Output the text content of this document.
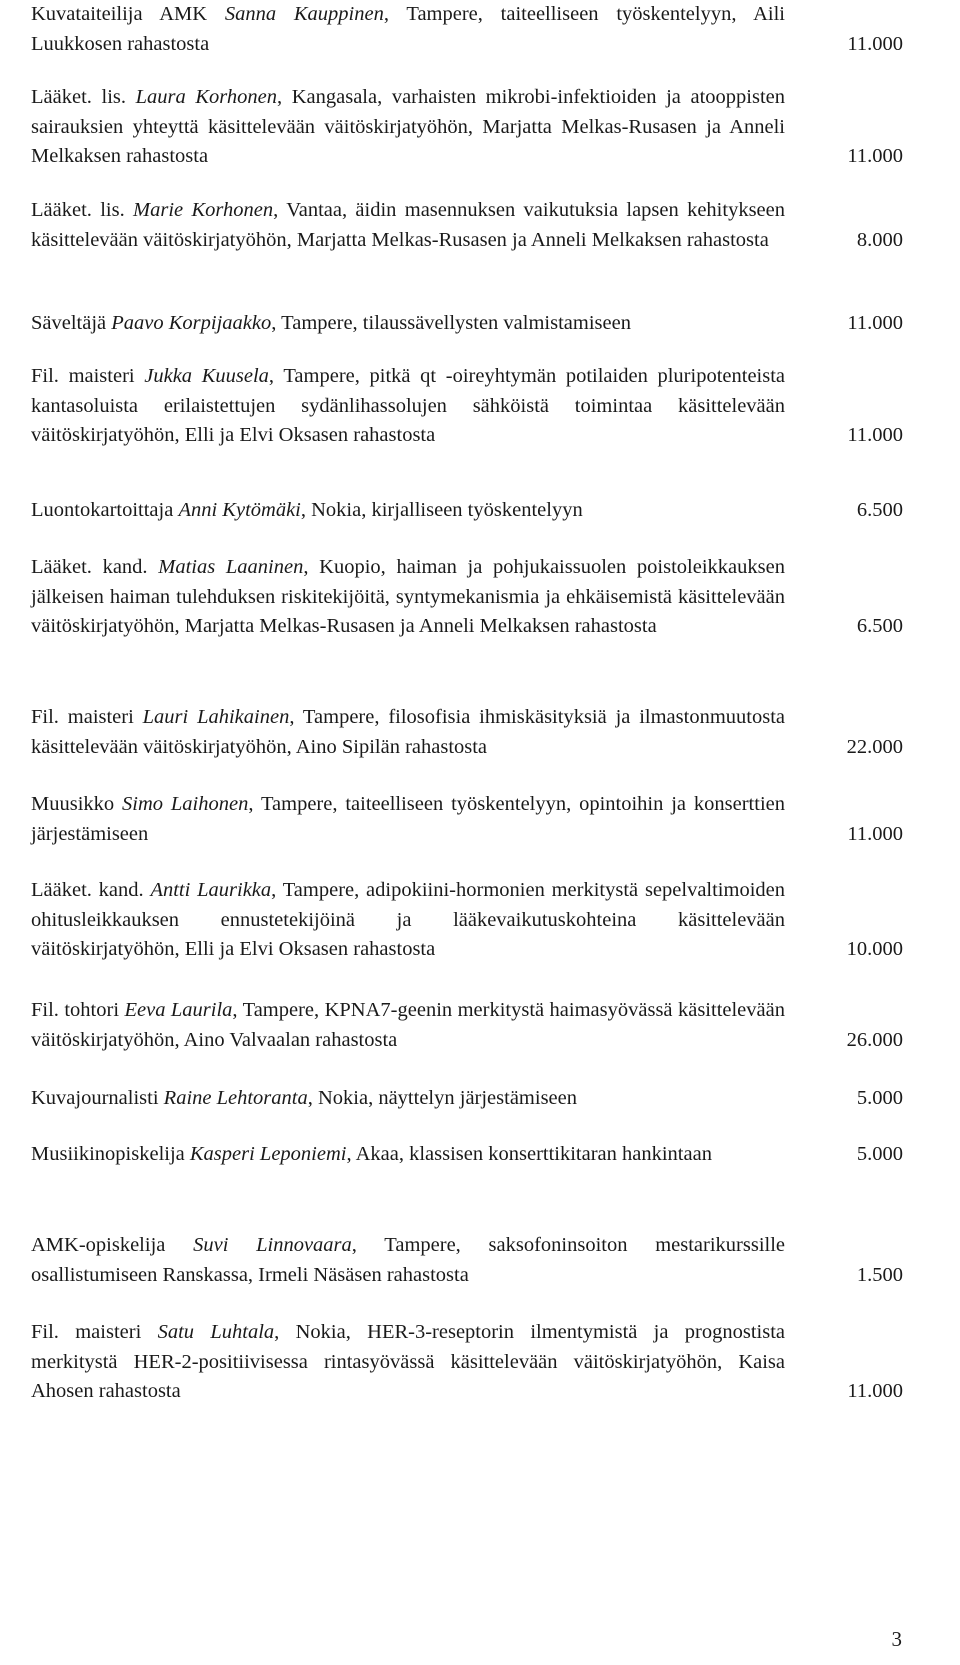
Kuvataiteilija AMK Sanna Kauppinen, Tampere, taiteelliseen työskentelyyn, Aili Luukkosen rahastosta	11.000
Lääket. lis. Laura Korhonen, Kangasala, varhaisten mikrobi-infektioiden ja atooppisten sairauksien yhteyttä käsittelevään väitöskirjatyöhön, Marjatta Melkas-Rusasen ja Anneli Melkaksen rahastosta	11.000
Lääket. lis. Marie Korhonen, Vantaa, äidin masennuksen vaikutuksia lapsen kehitykseen käsittelevään väitöskirjatyöhön, Marjatta Melkas-Rusasen ja Anneli Melkaksen rahastosta	8.000
Säveltäjä Paavo Korpijaakko, Tampere, tilaussävellysten valmistamiseen	11.000
Fil. maisteri Jukka Kuusela, Tampere, pitkä qt -oireyhtymän potilaiden pluripotenteista kantasoluista erilaistettujen sydänlihassolujen sähköistä toimintaa käsittelevään väitöskirjatyöhön, Elli ja Elvi Oksasen rahastosta	11.000
Luontokartoittaja Anni Kytömäki, Nokia, kirjalliseen työskentelyyn	6.500
Lääket. kand. Matias Laaninen, Kuopio, haiman ja pohjukaissuolen poistoleikkauksen jälkeisen haiman tulehduksen riskitekijöitä, syntymekanismia ja ehkäisemistä käsittelevään väitöskirjatyöhön, Marjatta Melkas-Rusasen ja Anneli Melkaksen rahastosta	6.500
Fil. maisteri Lauri Lahikainen, Tampere, filosofisia ihmiskäsityksiä ja ilmastonmuutosta käsittelevään väitöskirjatyöhön, Aino Sipilän rahastosta	22.000
Muusikko Simo Laihonen, Tampere, taiteelliseen työskentelyyn, opintoihin ja konserttien järjestämiseen	11.000
Lääket. kand. Antti Laurikka, Tampere, adipokiini-hormonien merkitystä sepelvaltimoiden ohitusleikkauksen ennustetekijöinä ja lääkevaikutuskohteina käsittelevään väitöskirjatyöhön, Elli ja Elvi Oksasen rahastosta	10.000
Fil. tohtori Eeva Laurila, Tampere, KPNA7-geenin merkitystä haimasyövässä käsittelevään väitöskirjatyöhön, Aino Valvaalan rahastosta	26.000
Kuvajournalisti Raine Lehtoranta, Nokia, näyttelyn järjestämiseen	5.000
Musiikinopiskelija Kasperi Leponiemi, Akaa, klassisen konserttikitaran hankintaan	5.000
AMK-opiskelija Suvi Linnovaara, Tampere, saksofoninsoiton mestarikurssille osallistumiseen Ranskassa, Irmeli Näsäsen rahastosta	1.500
Fil. maisteri Satu Luhtala, Nokia, HER-3-reseptorin ilmentymistä ja prognostista merkitystä HER-2-positiivisessa rintasyövässä käsittelevään väitöskirjatyöhön, Kaisa Ahosen rahastosta	11.000
3
